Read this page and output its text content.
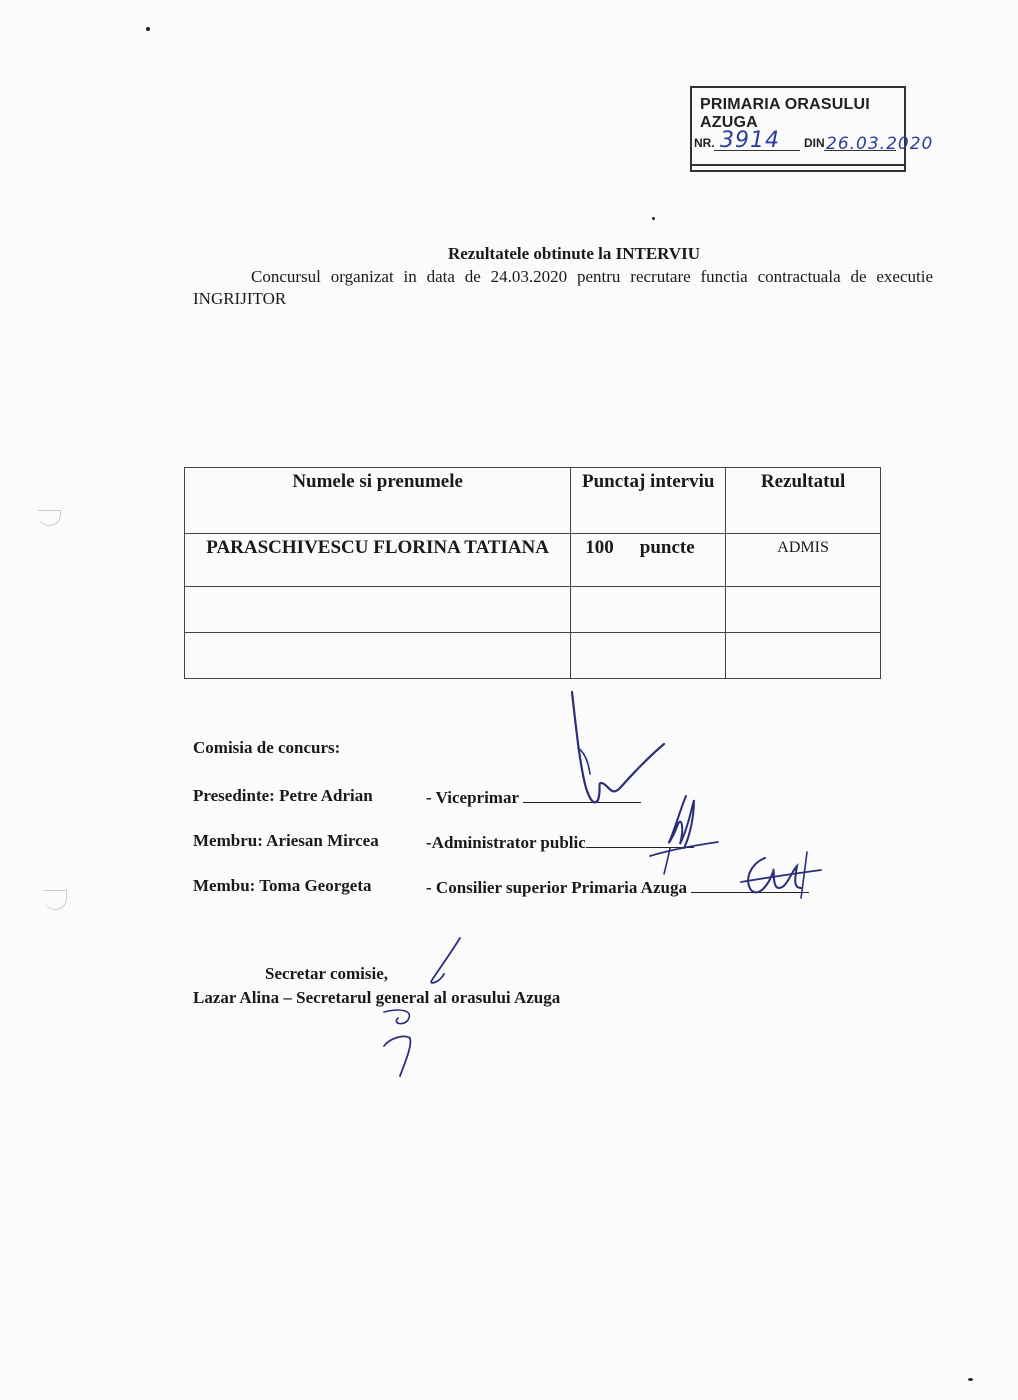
PRIMARIA ORASULUI AZUGA
NR. 3914 DIN 26.03.2020
Rezultatele obtinute la INTERVIU
Concursul organizat in data de 24.03.2020 pentru recrutare functia contractuala de executie INGRIJITOR
Numele si prenumele	Punctaj interviu	Rezultatul
PARASCHIVESCU FLORINA TATIANA	100 puncte	ADMIS

Comisia de concurs:
Presedinte: Petre Adrian	- Viceprimar
Membru: Ariesan Mircea	-Administrator public
Membu: Toma Georgeta	- Consilier superior Primaria Azuga
Secretar comisie,
Lazar Alina – Secretarul general al orasului Azuga
